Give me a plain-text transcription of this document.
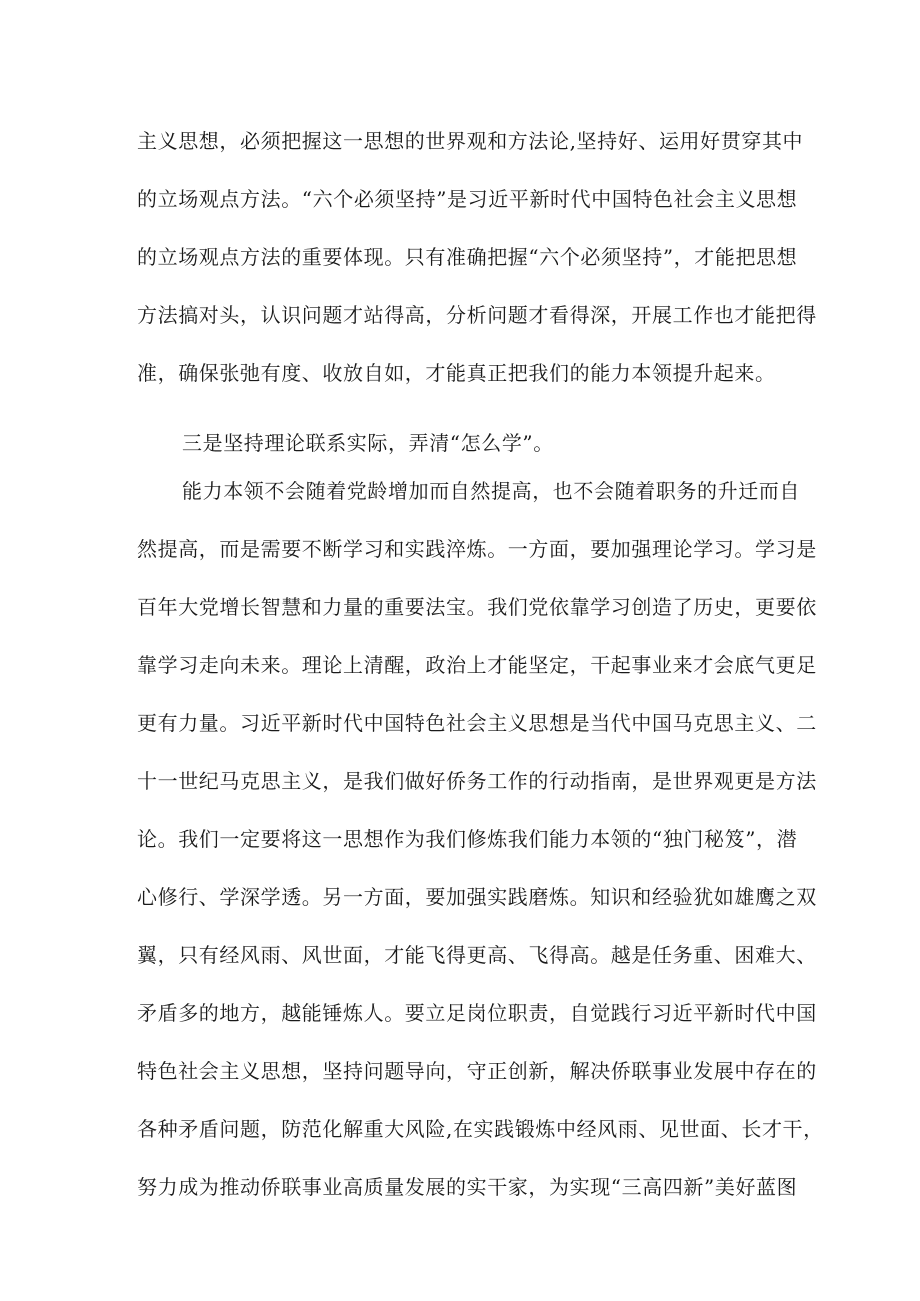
主义思想，必须把握这一思想的世界观和方法论,坚持好、运用好贯穿其中
的立场观点方法。“六个必须坚持”是习近平新时代中国特色社会主义思想
的立场观点方法的重要体现。只有准确把握“六个必须坚持”，才能把思想
方法搞对头，认识问题才站得高，分析问题才看得深，开展工作也才能把得
准，确保张弛有度、收放自如，才能真正把我们的能力本领提升起来。
三是坚持理论联系实际，弄清“怎么学”。
能力本领不会随着党龄增加而自然提高，也不会随着职务的升迁而自
然提高，而是需要不断学习和实践淬炼。一方面，要加强理论学习。学习是
百年大党增长智慧和力量的重要法宝。我们党依靠学习创造了历史，更要依
靠学习走向未来。理论上清醒，政治上才能坚定，干起事业来才会底气更足
更有力量。习近平新时代中国特色社会主义思想是当代中国马克思主义、二
十一世纪马克思主义，是我们做好侨务工作的行动指南，是世界观更是方法
论。我们一定要将这一思想作为我们修炼我们能力本领的“独门秘笈”，潜
心修行、学深学透。另一方面，要加强实践磨炼。知识和经验犹如雄鹰之双
翼，只有经风雨、风世面，才能飞得更高、飞得高。越是任务重、困难大、
矛盾多的地方，越能锤炼人。要立足岗位职责，自觉践行习近平新时代中国
特色社会主义思想，坚持问题导向，守正创新，解决侨联事业发展中存在的
各种矛盾问题，防范化解重大风险,在实践锻炼中经风雨、见世面、长才干，
努力成为推动侨联事业高质量发展的实干家，为实现“三高四新”美好蓝图
